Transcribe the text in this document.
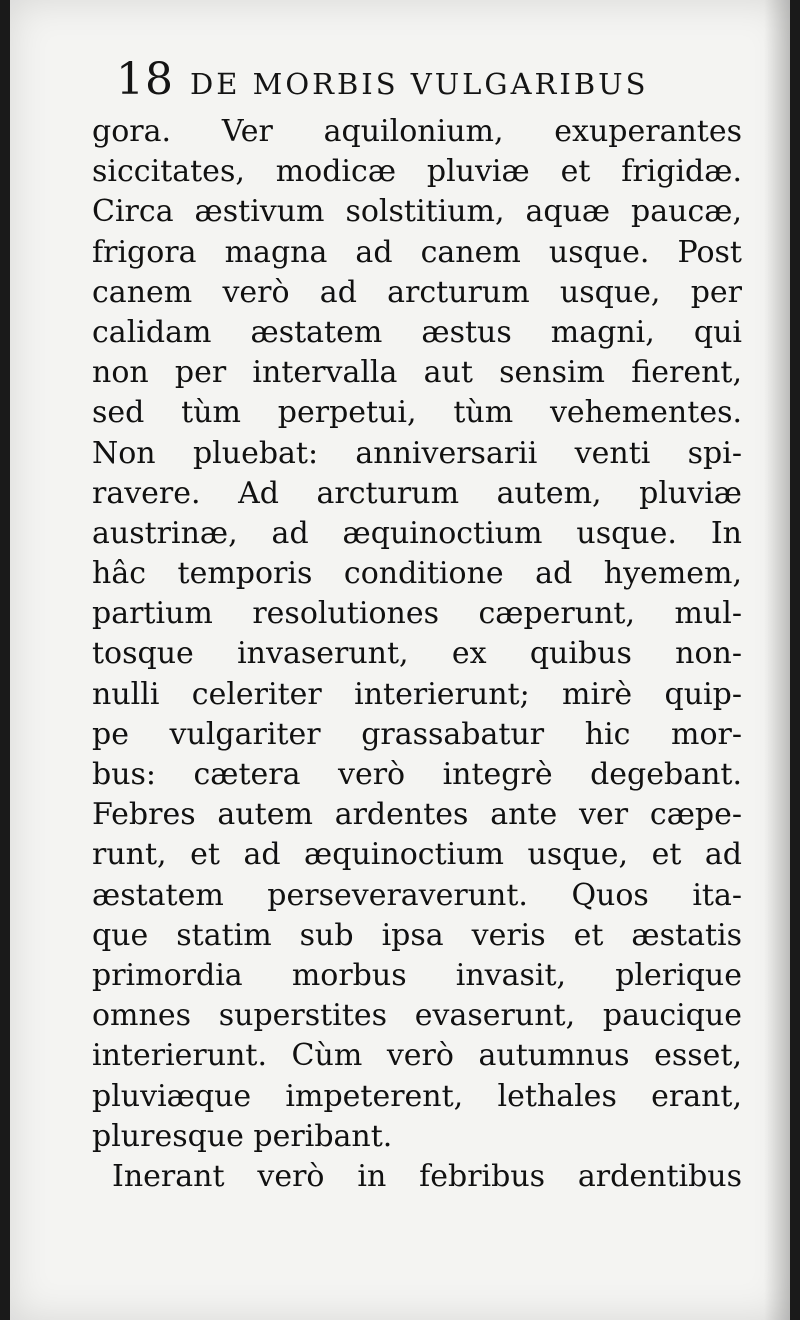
18 DE MORBIS VULGARIBUS
gora. Ver aquilonium, exuperantes
siccitates, modicæ pluviæ et frigidæ.
Circa æstivum solstitium, aquæ paucæ,
frigora magna ad canem usque. Post
canem verò ad arcturum usque, per
calidam æstatem æstus magni, qui
non per intervalla aut sensim fierent,
sed tùm perpetui, tùm vehementes.
Non pluebat: anniversarii venti spi-
ravere. Ad arcturum autem, pluviæ
austrinæ, ad æquinoctium usque. In
hâc temporis conditione ad hyemem,
partium resolutiones cæperunt, mul-
tosque invaserunt, ex quibus non-
nulli celeriter interierunt; mirè quip-
pe vulgariter grassabatur hic mor-
bus: cætera verò integrè degebant.
Febres autem ardentes ante ver cæpe-
runt, et ad æquinoctium usque, et ad
æstatem perseveraverunt. Quos ita-
que statim sub ipsa veris et æstatis
primordia morbus invasit, plerique
omnes superstites evaserunt, paucique
interierunt. Cùm verò autumnus esset,
pluviæque impeterent, lethales erant,
pluresque peribant.
Inerant verò in febribus ardentibus
